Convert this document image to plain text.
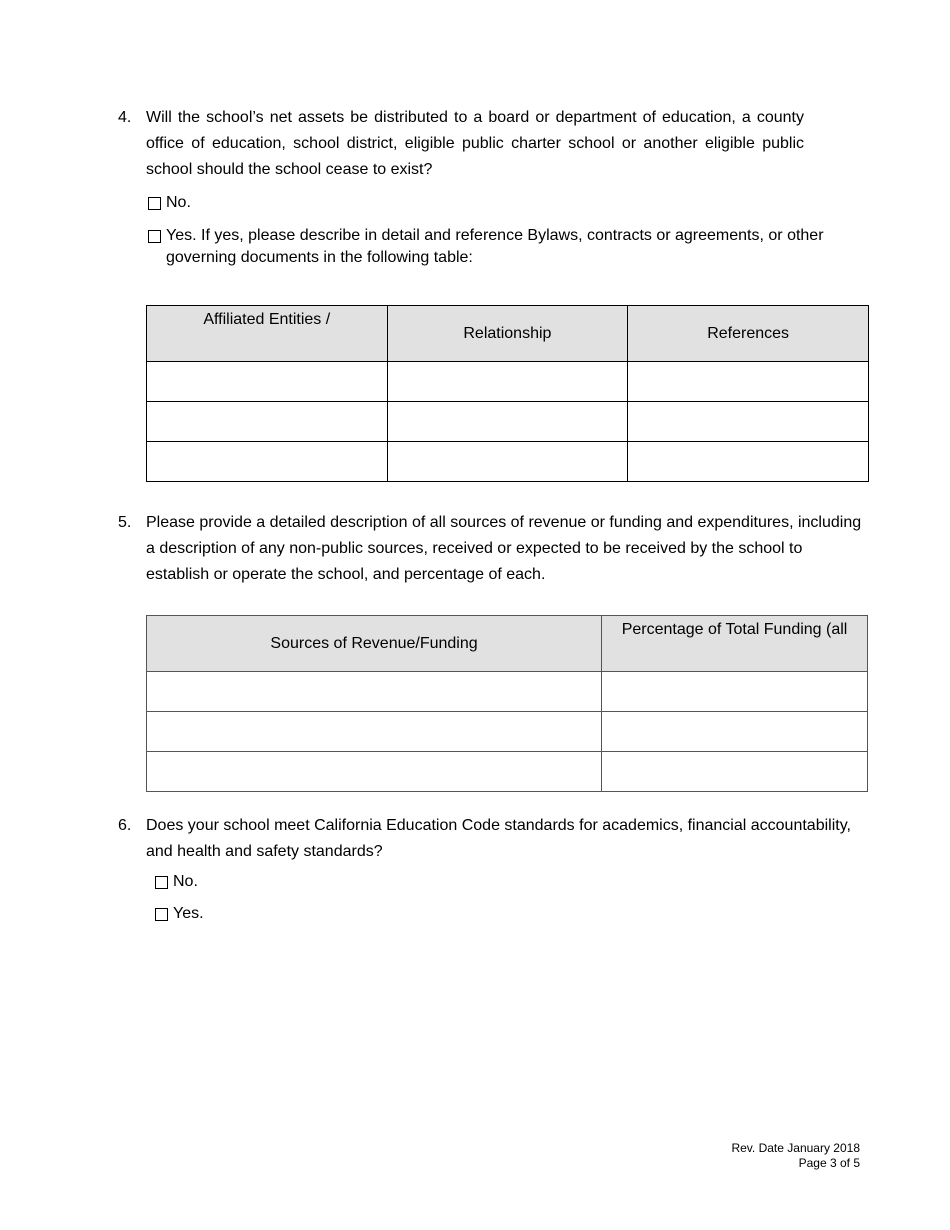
4. Will the school’s net assets be distributed to a board or department of education, a county office of education, school district, eligible public charter school or another eligible public school should the school cease to exist?
No.
Yes. If yes, please describe in detail and reference Bylaws, contracts or agreements, or other governing documents in the following table:
Affiliated Entities /	Relationship	References

5. Please provide a detailed description of all sources of revenue or funding and expenditures, including a description of any non-public sources, received or expected to be received by the school to establish or operate the school, and percentage of each.
Sources of Revenue/Funding	Percentage of Total Funding (all

6. Does your school meet California Education Code standards for academics, financial accountability, and health and safety standards?
No.
Yes.
Rev. Date January 2018
Page 3 of 5
